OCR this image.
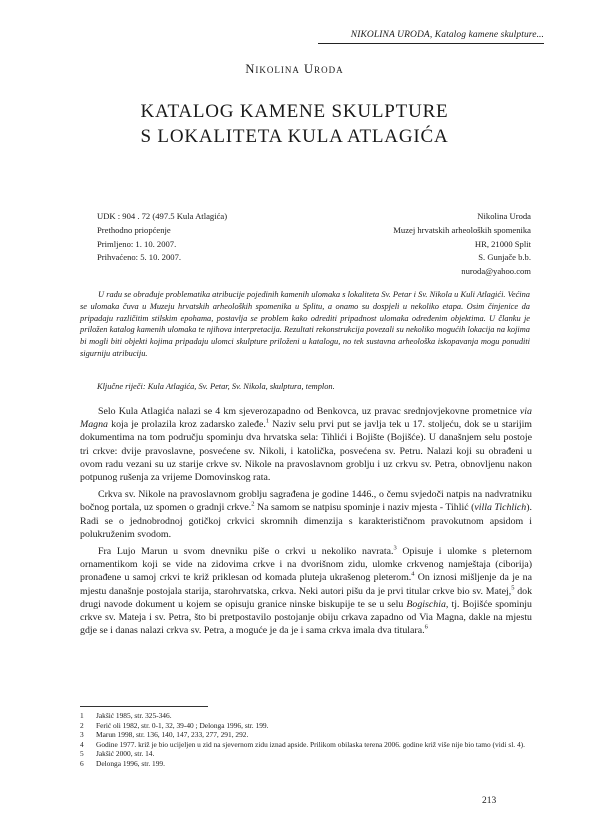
NIKOLINA URODA, Katalog kamene skulpture...
Nikolina Uroda
KATALOG KAMENE SKULPTURE
S LOKALITETA KULA ATLAGIĆA
UDK : 904 . 72 (497.5 Kula Atlagića)
Prethodno priopćenje
Primljeno: 1. 10. 2007.
Prihvaćeno: 5. 10. 2007.
Nikolina Uroda
Muzej hrvatskih arheoloških spomenika
HR, 21000 Split
S. Gunjače b.b.
nuroda@yahoo.com

U radu se obrađuje problematika atribucije pojedinih kamenih ulomaka s lokaliteta Sv. Petar i Sv. Nikola u Kuli Atlagići. Većina se ulomaka čuva u Muzeju hrvatskih arheoloških spomenika u Splitu, a onamo su dospjeli u nekoliko etapa. Osim činjenice da pripadaju različitim stilskim epohama, postavlja se problem kako odrediti pripadnost ulomaka određenim objektima. U članku je priložen katalog kamenih ulomaka te njihova interpretacija. Rezultati rekonstrukcija povezali su nekoliko mogućih lokacija na kojima bi mogli biti objekti kojima pripadaju ulomci skulpture priloženi u katalogu, no tek sustavna arheološka iskopavanja mogu ponuditi sigurniju atribuciju.

Ključne riječi: Kula Atlagića, Sv. Petar, Sv. Nikola, skulptura, templon.

Selo Kula Atlagića nalazi se 4 km sjeverozapadno od Benkovca, uz pravac srednjovjekovne prometnice via Magna koja je prolazila kroz zadarsko zaleđe.$^1$ Naziv selu prvi put se javlja tek u 17. stoljeću, dok se u starijim dokumentima na tom području spominju dva hrvatska sela: Tihlići i Bojište (Bojišće). U današnjem selu postoje tri crkve: dvije pravoslavne, posvećene sv. Nikoli, i katolička, posvećena sv. Petru. Nalazi koji su obrađeni u ovom radu vezani su uz starije crkve sv. Nikole na pravoslavnom groblju i uz crkvu sv. Petra, obnovljenu nakon potpunog rušenja za vrijeme Domovinskog rata.

Crkva sv. Nikole na pravoslavnom groblju sagrađena je godine 1446., o čemu svjedoči natpis na nadvratniku bočnog portala, uz spomen o gradnji crkve.$^2$ Na samom se natpisu spominje i naziv mjesta - Tihlić (villa Tichlich). Radi se o jednobrodnoj gotičkoj crkvici skromnih dimenzija s karakterističnom pravokutnom apsidom i polukruženim svodom.

Fra Lujo Marun u svom dnevniku piše o crkvi u nekoliko navrata.$^3$ Opisuje i ulomke s pleternom ornamentikom koji se vide na zidovima crkve i na dvorišnom zidu, ulomke crkvenog namještaja (ciborija) pronađene u samoj crkvi te križ priklesan od komada pluteja ukrašenog pleterom.$^4$ On iznosi mišljenje da je na mjestu današnje postojala starija, starohrvatska, crkva. Neki autori pišu da je prvi titular crkve bio sv. Matej,$^5$ dok drugi navode dokument u kojem se opisuju granice ninske biskupije te se u selu Bogischia, tj. Bojišće spominju crkve sv. Mateja i sv. Petra, što bi pretpostavilo postojanje obiju crkava zapadno od Via Magna, dakle na mjestu gdje se i danas nalazi crkva sv. Petra, a moguće je da je i sama crkva imala dva titulara.$^6$

1 Jakšić 1985, str. 325-346.
2 Ferić oli 1982, str. 0-1, 32, 39-40 ; Delonga 1996, str. 199.
3 Marun 1998, str. 136, 140, 147, 233, 277, 291, 292.
4 Godine 1977. križ je bio ucijeljen u zid na sjevernom zidu iznad apside. Prilikom obilaska terena 2006. godine križ više nije bio tamo (vidi sl. 4).
5 Jakšić 2000, str. 14.
6 Delonga 1996, str. 199.
213
